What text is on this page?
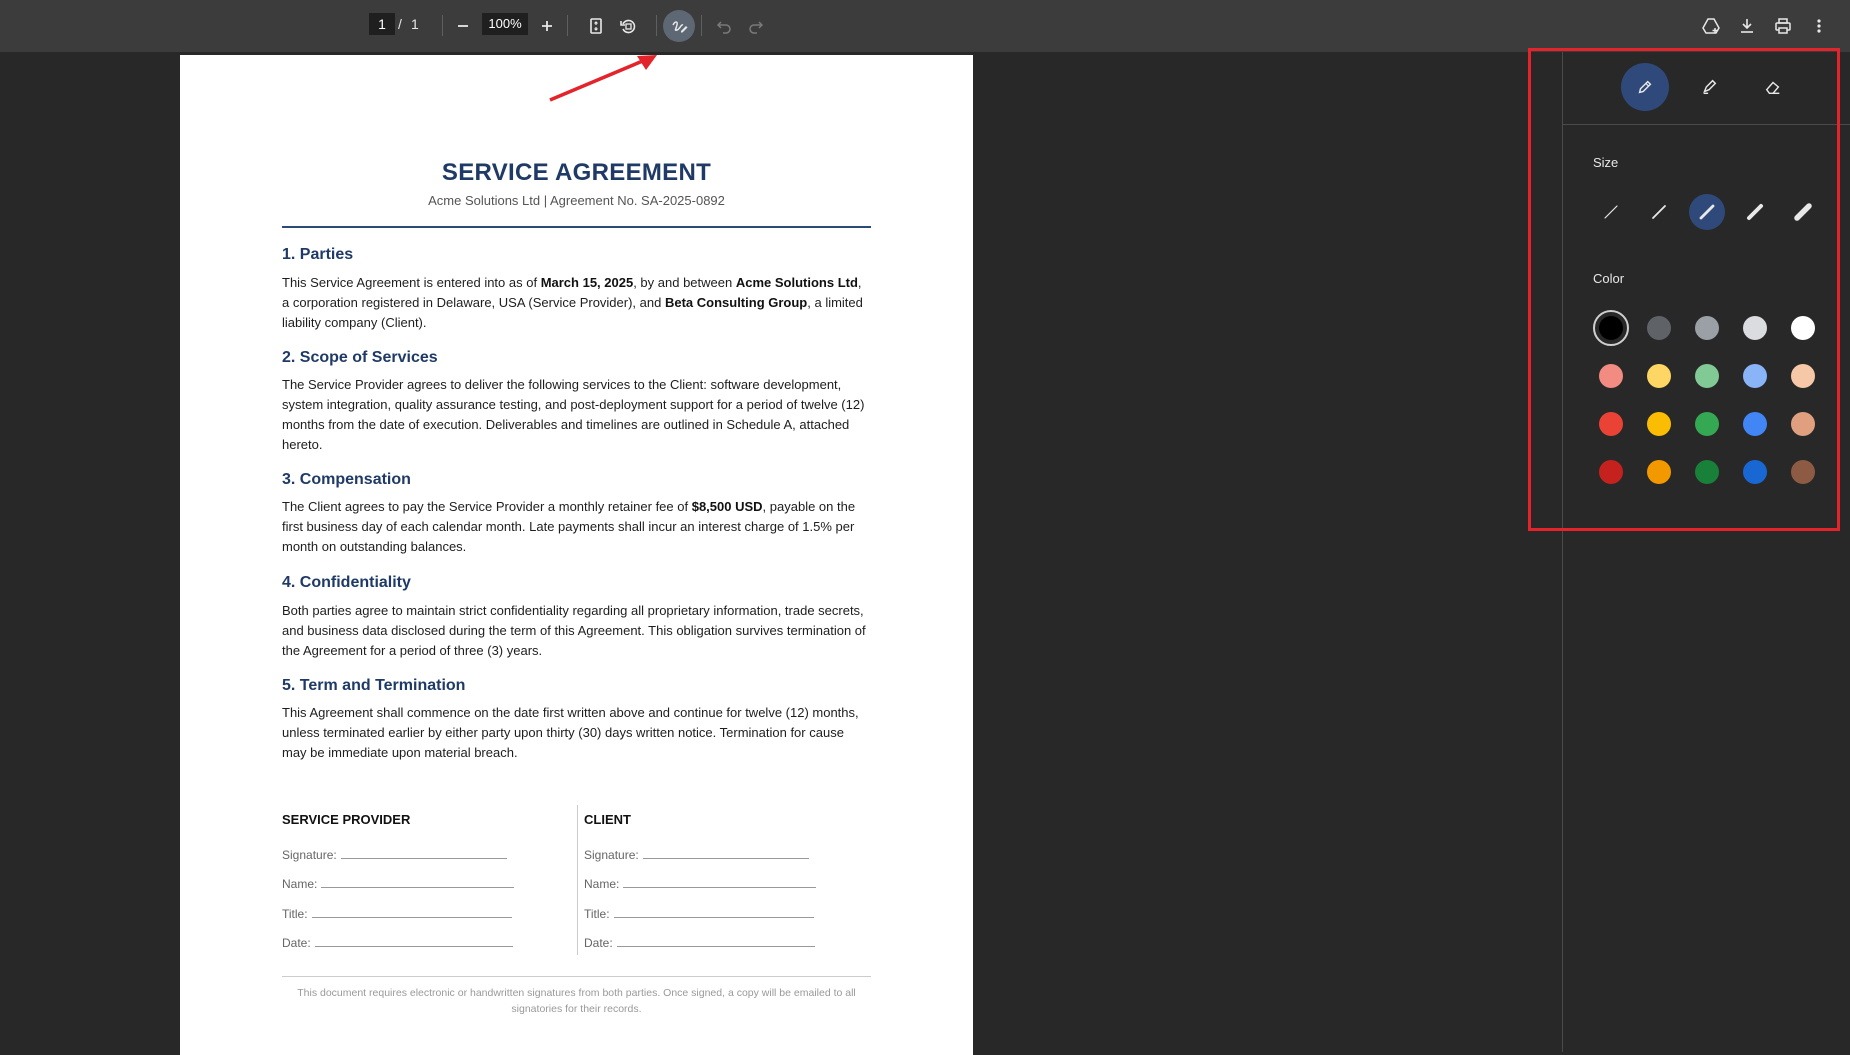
1 / 1	100%
SERVICE AGREEMENT
Acme Solutions Ltd | Agreement No. SA-2025-0892
1. Parties
This Service Agreement is entered into as of March 15, 2025, by and between Acme Solutions Ltd, a corporation registered in Delaware, USA (Service Provider), and Beta Consulting Group, a limited liability company (Client).
2. Scope of Services
The Service Provider agrees to deliver the following services to the Client: software development, system integration, quality assurance testing, and post-deployment support for a period of twelve (12) months from the date of execution. Deliverables and timelines are outlined in Schedule A, attached hereto.
3. Compensation
The Client agrees to pay the Service Provider a monthly retainer fee of $8,500 USD, payable on the first business day of each calendar month. Late payments shall incur an interest charge of 1.5% per month on outstanding balances.
4. Confidentiality
Both parties agree to maintain strict confidentiality regarding all proprietary information, trade secrets, and business data disclosed during the term of this Agreement. This obligation survives termination of the Agreement for a period of three (3) years.
5. Term and Termination
This Agreement shall commence on the date first written above and continue for twelve (12) months, unless terminated earlier by either party upon thirty (30) days written notice. Termination for cause may be immediate upon material breach.
SERVICE PROVIDER
Signature:
Name:
Title:
Date:
CLIENT
Signature:
Name:
Title:
Date:
This document requires electronic or handwritten signatures from both parties. Once signed, a copy will be emailed to all signatories for their records.
Size
Color
